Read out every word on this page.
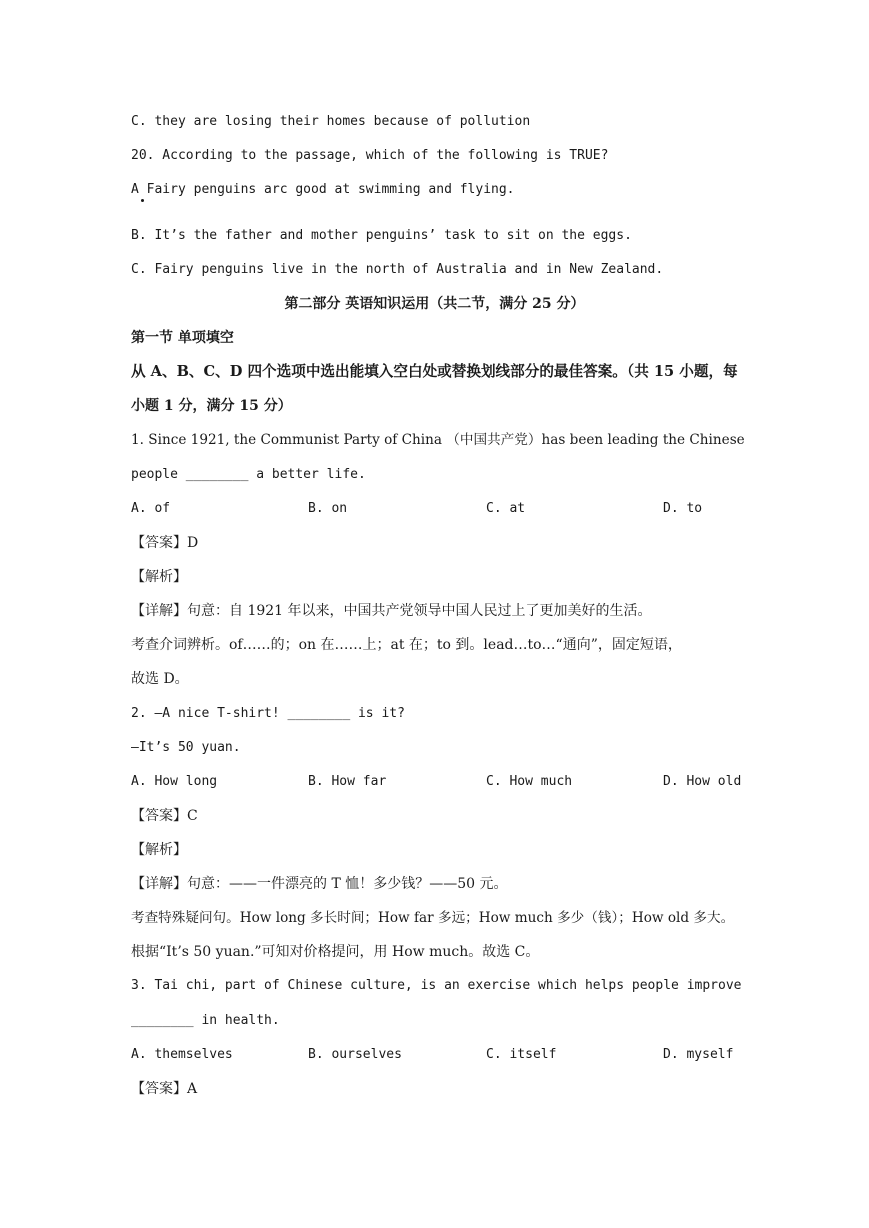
C. they are losing their homes because of pollution
20. According to the passage, which of the following is TRUE?
A Fairy penguins arc good at swimming and flying.
B. It’s the father and mother penguins’ task to sit on the eggs.
C. Fairy penguins live in the north of Australia and in New Zealand.
第二部分 英语知识运用（共二节，满分 25 分）
第一节 单项填空
从 A、B、C、D 四个选项中选出能填入空白处或替换划线部分的最佳答案。（共 15 小题，每
小题 1 分，满分 15 分）
1. Since 1921, the Communist Party of China （中国共产党）has been leading the Chinese
people ________ a better life.
A. of	B. on	C. at	D. to
【答案】D
【解析】
【详解】句意：自 1921 年以来，中国共产党领导中国人民过上了更加美好的生活。
考查介词辨析。of……的；on 在……上；at 在；to 到。lead…to…“通向”，固定短语，
故选 D。
2. —A nice T-shirt! ________ is it?
—It’s 50 yuan.
A. How long	B. How far	C. How much	D. How old
【答案】C
【解析】
【详解】句意：——一件漂亮的 T 恤！多少钱？——50 元。
考查特殊疑问句。How long 多长时间；How far 多远；How much 多少（钱）；How old 多大。
根据“It’s 50 yuan.”可知对价格提问，用 How much。故选 C。
3. Tai chi, part of Chinese culture, is an exercise which helps people improve
________ in health.
A. themselves	B. ourselves	C. itself	D. myself
【答案】A
